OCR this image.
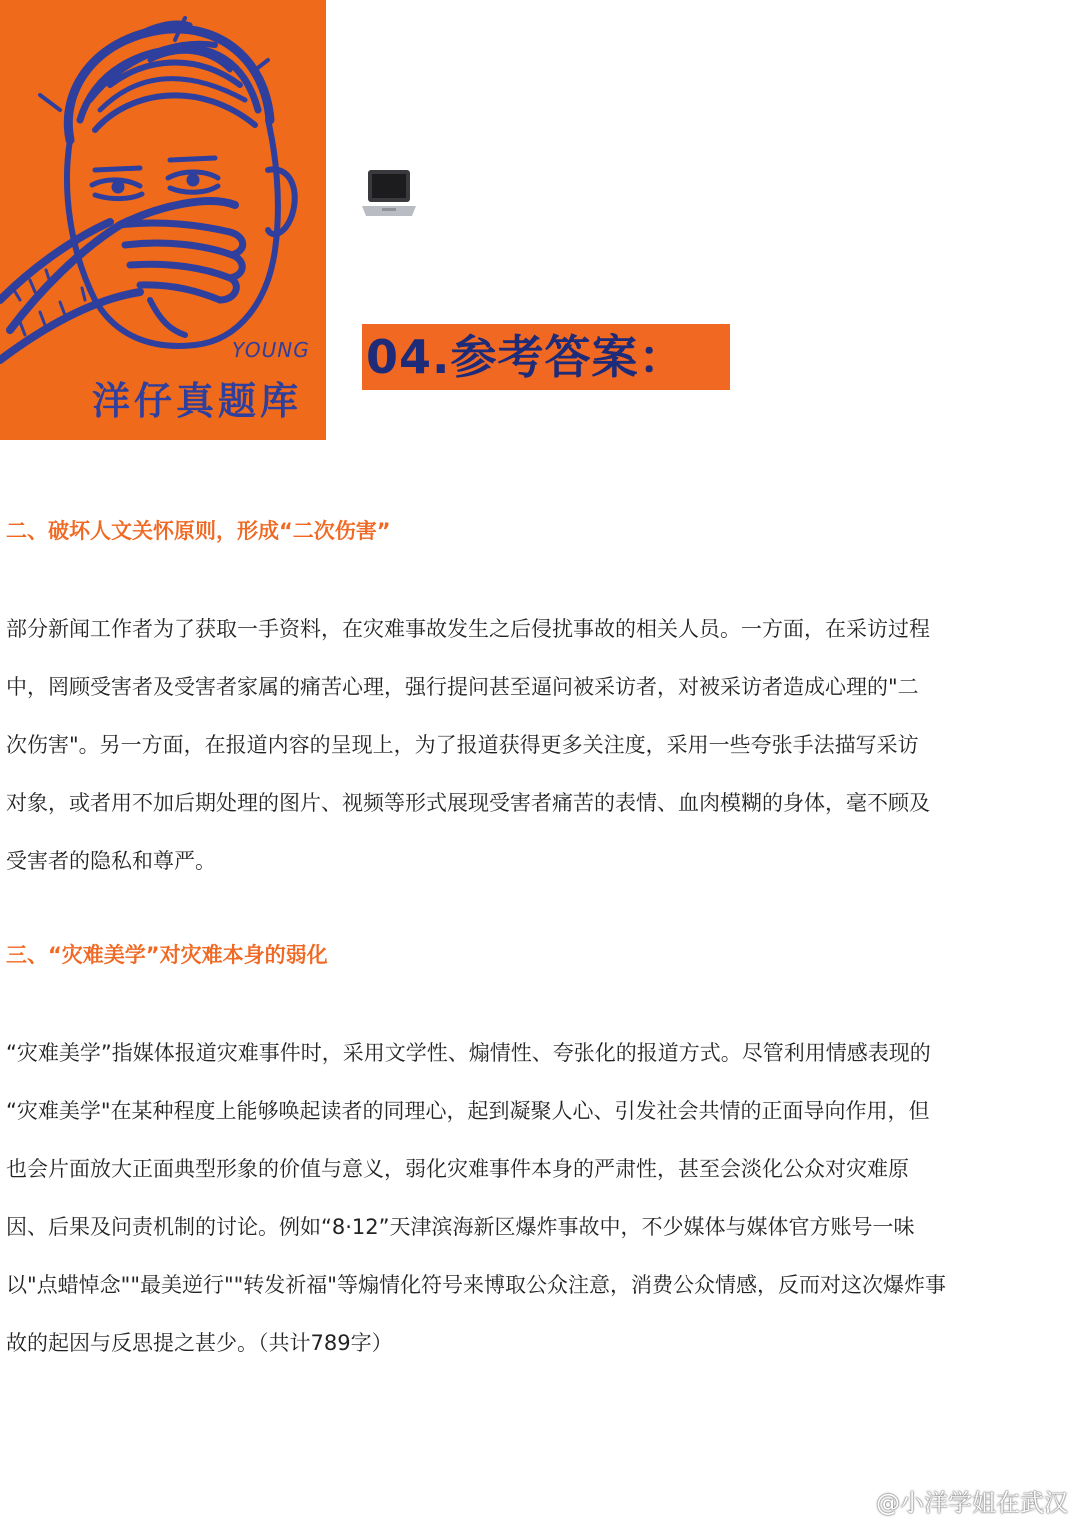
YOUNG

洋仔真题库

04.参考答案：
二、破坏人文关怀原则，形成“二次伤害”
部分新闻工作者为了获取一手资料，在灾难事故发生之后侵扰事故的相关人员。一方面，在采访过程
中，罔顾受害者及受害者家属的痛苦心理，强行提问甚至逼问被采访者，对被采访者造成心理的"二
次伤害"。另一方面，在报道内容的呈现上，为了报道获得更多关注度，采用一些夸张手法描写采访
对象，或者用不加后期处理的图片、视频等形式展现受害者痛苦的表情、血肉模糊的身体，毫不顾及
受害者的隐私和尊严。
三、“灾难美学”对灾难本身的弱化
“灾难美学”指媒体报道灾难事件时，采用文学性、煽情性、夸张化的报道方式。尽管利用情感表现的
“灾难美学"在某种程度上能够唤起读者的同理心，起到凝聚人心、引发社会共情的正面导向作用，但
也会片面放大正面典型形象的价值与意义，弱化灾难事件本身的严肃性，甚至会淡化公众对灾难原
因、后果及问责机制的讨论。例如“8·12”天津滨海新区爆炸事故中，不少媒体与媒体官方账号一味
以"点蜡悼念""最美逆行""转发祈福"等煽情化符号来博取公众注意，消费公众情感，反而对这次爆炸事
故的起因与反思提之甚少。（共计789字）
@小洋学姐在武汉
